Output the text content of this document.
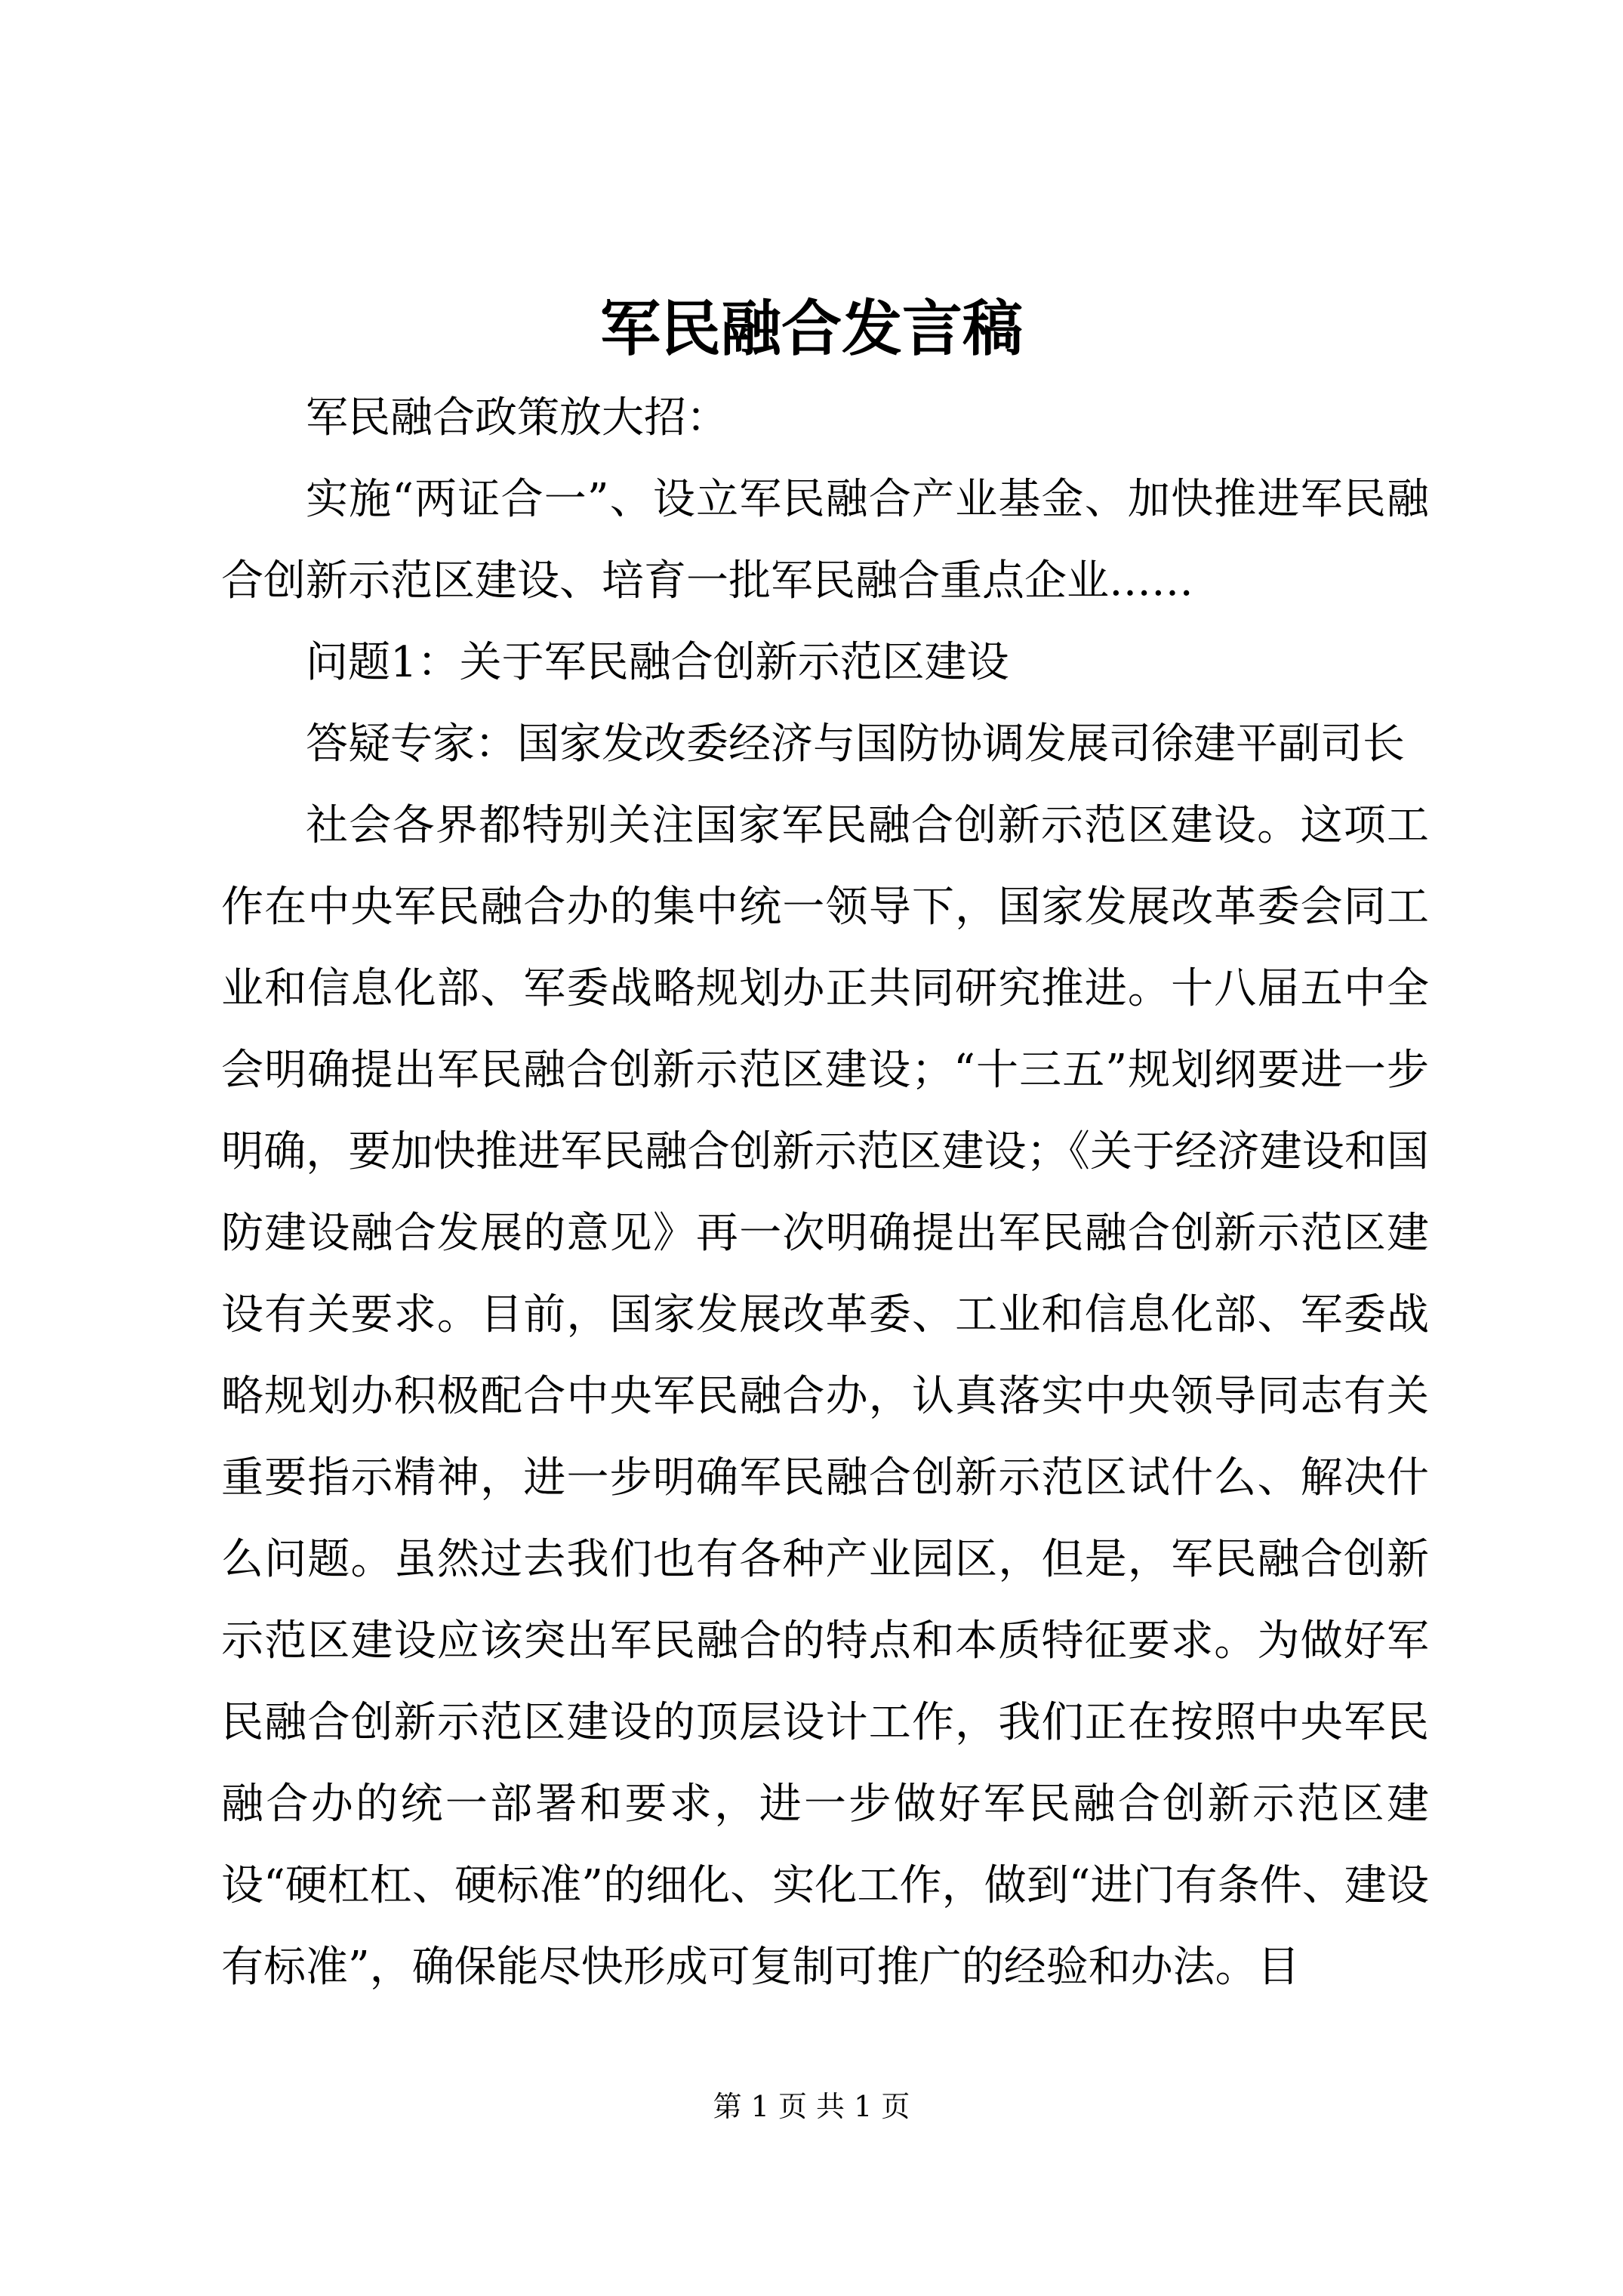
军民融合发言稿

军民融合政策放大招：

实施“两证合一”、设立军民融合产业基金、加快推进军民融合创新示范区建设、培育一批军民融合重点企业……

问题1：关于军民融合创新示范区建设

答疑专家：国家发改委经济与国防协调发展司徐建平副司长

社会各界都特别关注国家军民融合创新示范区建设。这项工作在中央军民融合办的集中统一领导下，国家发展改革委会同工业和信息化部、军委战略规划办正共同研究推进。十八届五中全会明确提出军民融合创新示范区建设；“十三五”规划纲要进一步明确，要加快推进军民融合创新示范区建设；《关于经济建设和国防建设融合发展的意见》再一次明确提出军民融合创新示范区建设有关要求。目前，国家发展改革委、工业和信息化部、军委战略规划办积极配合中央军民融合办，认真落实中央领导同志有关重要指示精神，进一步明确军民融合创新示范区试什么、解决什么问题。虽然过去我们也有各种产业园区，但是，军民融合创新示范区建设应该突出军民融合的特点和本质特征要求。为做好军民融合创新示范区建设的顶层设计工作，我们正在按照中央军民融合办的统一部署和要求，进一步做好军民融合创新示范区建设“硬杠杠、硬标准”的细化、实化工作，做到“进门有条件、建设有标准”，确保能尽快形成可复制可推广的经验和办法。目

第 1 页 共 1 页
